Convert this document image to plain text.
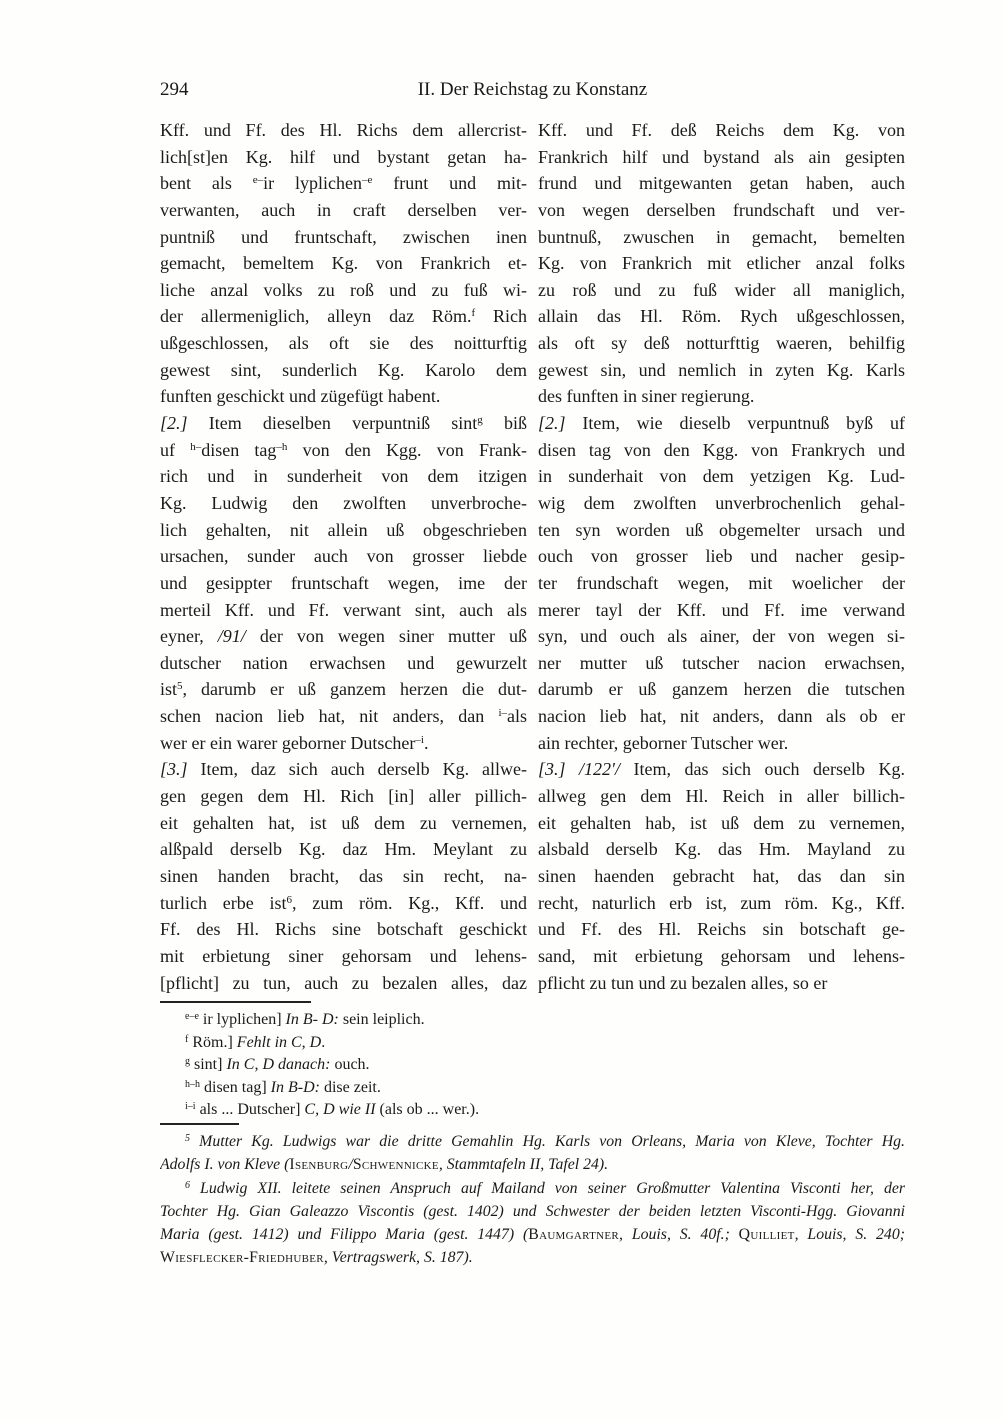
294	II. Der Reichstag zu Konstanz
Kff. und Ff. des Hl. Richs dem allercrist-
lich[st]en Kg. hilf und bystant getan ha-
bent als $^{e-}$ir lyplichen$^{-e}$ frunt und mit-
verwanten, auch in craft derselben ver-
puntniß und fruntschaft, zwischen inen
gemacht, bemeltem Kg. von Frankrich et-
liche anzal volks zu roß und zu fuß wi-
der allermeniglich, alleyn daz Röm.$^f$ Rich
ußgeschlossen, als oft sie des noitturftig
gewest sint, sunderlich Kg. Karolo dem
funften geschickt und zügefügt habent.
[2.] Item dieselben verpuntniß sint$^g$ biß
uf $^{h-}$disen tag$^{-h}$ von den Kgg. von Frank-
rich und in sunderheit von dem itzigen
Kg. Ludwig den zwolften unverbroche-
lich gehalten, nit allein uß obgeschrieben
ursachen, sunder auch von grosser liebde
und gesippter fruntschaft wegen, ime der
merteil Kff. und Ff. verwant sint, auch als
eyner, /91/ der von wegen siner mutter uß
dutscher nation erwachsen und gewurzelt
ist$^5$, darumb er uß ganzem herzen die dut-
schen nacion lieb hat, nit anders, dan $^{i-}$als
wer er ein warer geborner Dutscher$^{-i}$.
[3.] Item, daz sich auch derselb Kg. allwe-
gen gegen dem Hl. Rich [in] aller pillich-
eit gehalten hat, ist uß dem zu vernemen,
alßpald derselb Kg. daz Hm. Meylant zu
sinen handen bracht, das sin recht, na-
turlich erbe ist$^6$, zum röm. Kg., Kff. und
Ff. des Hl. Richs sine botschaft geschickt
mit erbietung siner gehorsam und lehens-
[pflicht] zu tun, auch zu bezalen alles, daz
Kff. und Ff. deß Reichs dem Kg. von
Frankrich hilf und bystand als ain gesipten
frund und mitgewanten getan haben, auch
von wegen derselben frundschaft und ver-
buntnuß, zwuschen in gemacht, bemelten
Kg. von Frankrich mit etlicher anzal folks
zu roß und zu fuß wider all maniglich,
allain das Hl. Röm. Rych ußgeschlossen,
als oft sy deß notturfttig waeren, behilfig
gewest sin, und nemlich in zyten Kg. Karls
des funften in siner regierung.
[2.] Item, wie dieselb verpuntnuß byß uf
disen tag von den Kgg. von Frankrych und
in sunderhait von dem yetzigen Kg. Lud-
wig dem zwolften unverbrochenlich gehal-
ten syn worden uß obgemelter ursach und
ouch von grosser lieb und nacher gesip-
ter frundschaft wegen, mit woelicher der
merer tayl der Kff. und Ff. ime verwand
syn, und ouch als ainer, der von wegen si-
ner mutter uß tutscher nacion erwachsen,
darumb er uß ganzem herzen die tutschen
nacion lieb hat, nit anders, dann als ob er
ain rechter, geborner Tutscher wer.
[3.] /122′/ Item, das sich ouch derselb Kg.
allweg gen dem Hl. Reich in aller billich-
eit gehalten hab, ist uß dem zu vernemen,
alsbald derselb Kg. das Hm. Mayland zu
sinen haenden gebracht hat, das dan sin
recht, naturlich erb ist, zum röm. Kg., Kff.
und Ff. des Hl. Reichs sin botschaft ge-
sand, mit erbietung gehorsam und lehens-
pflicht zu tun und zu bezalen alles, so er
$^{e-e}$ ir lyplichen] In B- D: sein leiplich.
$^f$ Röm.] Fehlt in C, D.
$^g$ sint] In C, D danach: ouch.
$^{h-h}$ disen tag] In B-D: dise zeit.
$^{i-i}$ als ... Dutscher] C, D wie II (als ob ... wer.).
$^5$ Mutter Kg. Ludwigs war die dritte Gemahlin Hg. Karls von Orleans, Maria von Kleve, Tochter Hg.
Adolfs I. von Kleve (Isenburg/Schwennicke, Stammtafeln II, Tafel 24).
$^6$ Ludwig XII. leitete seinen Anspruch auf Mailand von seiner Großmutter Valentina Visconti her, der
Tochter Hg. Gian Galeazzo Viscontis (gest. 1402) und Schwester der beiden letzten Visconti-Hgg. Giovanni
Maria (gest. 1412) und Filippo Maria (gest. 1447) (Baumgartner, Louis, S. 40f.; Quilliet, Louis, S. 240;
Wiesflecker-Friedhuber, Vertragswerk, S. 187).
